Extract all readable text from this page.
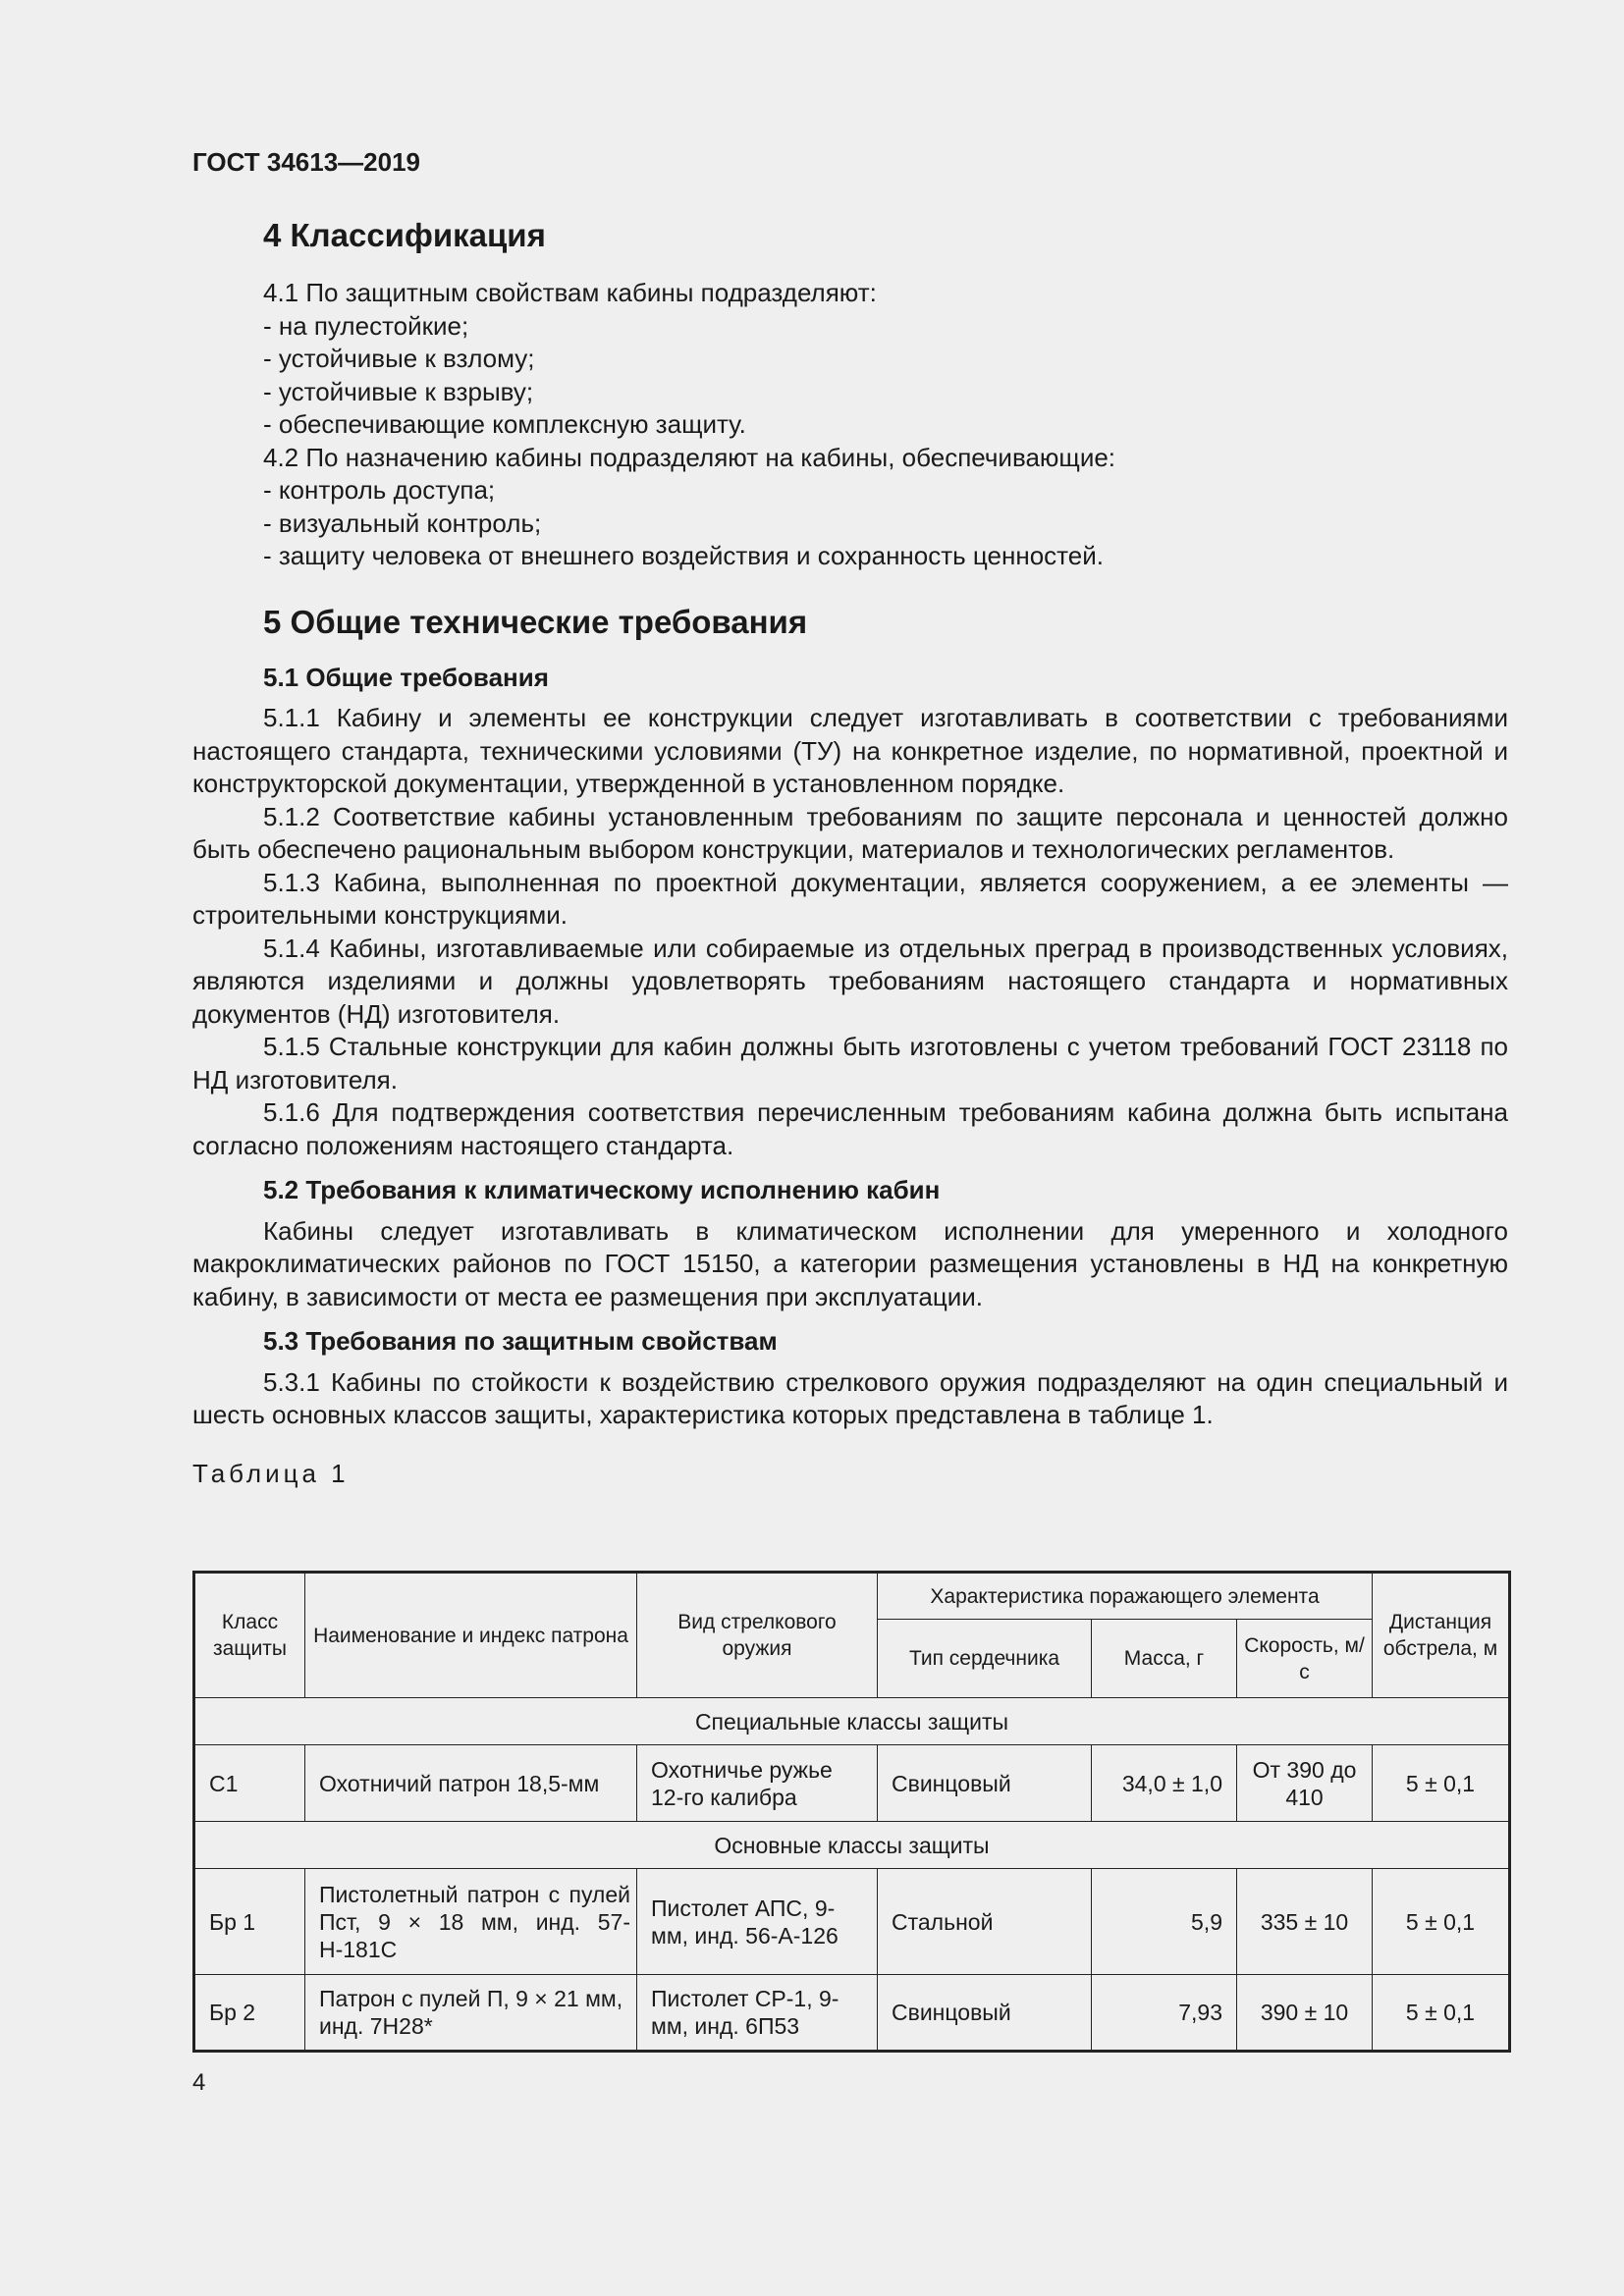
ГОСТ 34613—2019
4 Классификация
4.1 По защитным свойствам кабины подразделяют:
- на пулестойкие;
- устойчивые к взлому;
- устойчивые к взрыву;
- обеспечивающие комплексную защиту.
4.2 По назначению кабины подразделяют на кабины, обеспечивающие:
- контроль доступа;
- визуальный контроль;
- защиту человека от внешнего воздействия и сохранность ценностей.
5 Общие технические требования
5.1 Общие требования

5.1.1 Кабину и элементы ее конструкции следует изготавливать в соответствии с требованиями настоящего стандарта, техническими условиями (ТУ) на конкретное изделие, по нормативной, проектной и конструкторской документации, утвержденной в установленном порядке.

5.1.2 Соответствие кабины установленным требованиям по защите персонала и ценностей должно быть обеспечено рациональным выбором конструкции, материалов и технологических регламентов.

5.1.3 Кабина, выполненная по проектной документации, является сооружением, а ее элементы — строительными конструкциями.

5.1.4 Кабины, изготавливаемые или собираемые из отдельных преград в производственных условиях, являются изделиями и должны удовлетворять требованиям настоящего стандарта и нормативных документов (НД) изготовителя.

5.1.5 Стальные конструкции для кабин должны быть изготовлены с учетом требований ГОСТ 23118 по НД изготовителя.

5.1.6 Для подтверждения соответствия перечисленным требованиям кабина должна быть испытана согласно положениям настоящего стандарта.

5.2 Требования к климатическому исполнению кабин

Кабины следует изготавливать в климатическом исполнении для умеренного и холодного макроклиматических районов по ГОСТ 15150, а категории размещения установлены в НД на конкретную кабину, в зависимости от места ее размещения при эксплуатации.

5.3 Требования по защитным свойствам

5.3.1 Кабины по стойкости к воздействию стрелкового оружия подразделяют на один специальный и шесть основных классов защиты, характеристика которых представлена в таблице 1.

Таблица 1
Класс защиты	Наименование и индекс патрона	Вид стрелкового оружия	Характеристика поражающего элемента			Дистанция обстрела, м
			Тип сердечника	Масса, г	Скорость, м/с	
Специальные классы защиты						
С1	Охотничий патрон 18,5-мм	Охотничье ружье 12-го калибра	Свинцовый	34,0 ± 1,0	От 390 до 410	5 ± 0,1
Основные классы защиты						
Бр 1	Пистолетный патрон с пулей Пст, 9 × 18 мм, инд. 57-Н-181С	Пистолет АПС, 9-мм, инд. 56-А-126	Стальной	5,9	335 ± 10	5 ± 0,1
Бр 2	Патрон с пулей П, 9 × 21 мм, инд. 7Н28*	Пистолет СР-1, 9-мм, инд. 6П53	Свинцовый	7,93	390 ± 10	5 ± 0,1
4
